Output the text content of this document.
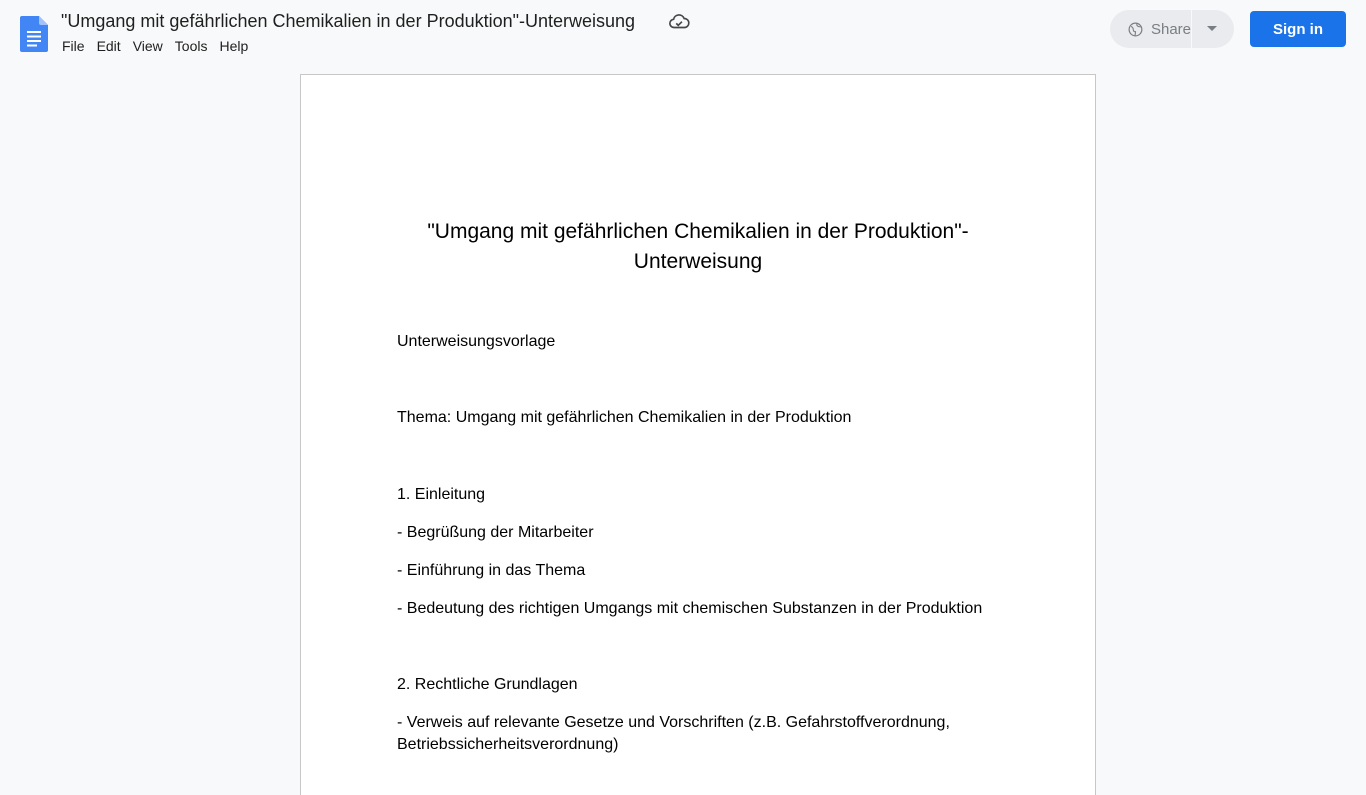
"Umgang mit gefährlichen Chemikalien in der Produktion"-Unterweisung
File Edit View Tools Help
Share	Sign in
"Umgang mit gefährlichen Chemikalien in der Produktion"-Unterweisung
Unterweisungsvorlage
Thema: Umgang mit gefährlichen Chemikalien in der Produktion
1. Einleitung
- Begrüßung der Mitarbeiter
- Einführung in das Thema
- Bedeutung des richtigen Umgangs mit chemischen Substanzen in der Produktion
2. Rechtliche Grundlagen
- Verweis auf relevante Gesetze und Vorschriften (z.B. Gefahrstoffverordnung, Betriebssicherheitsverordnung)
